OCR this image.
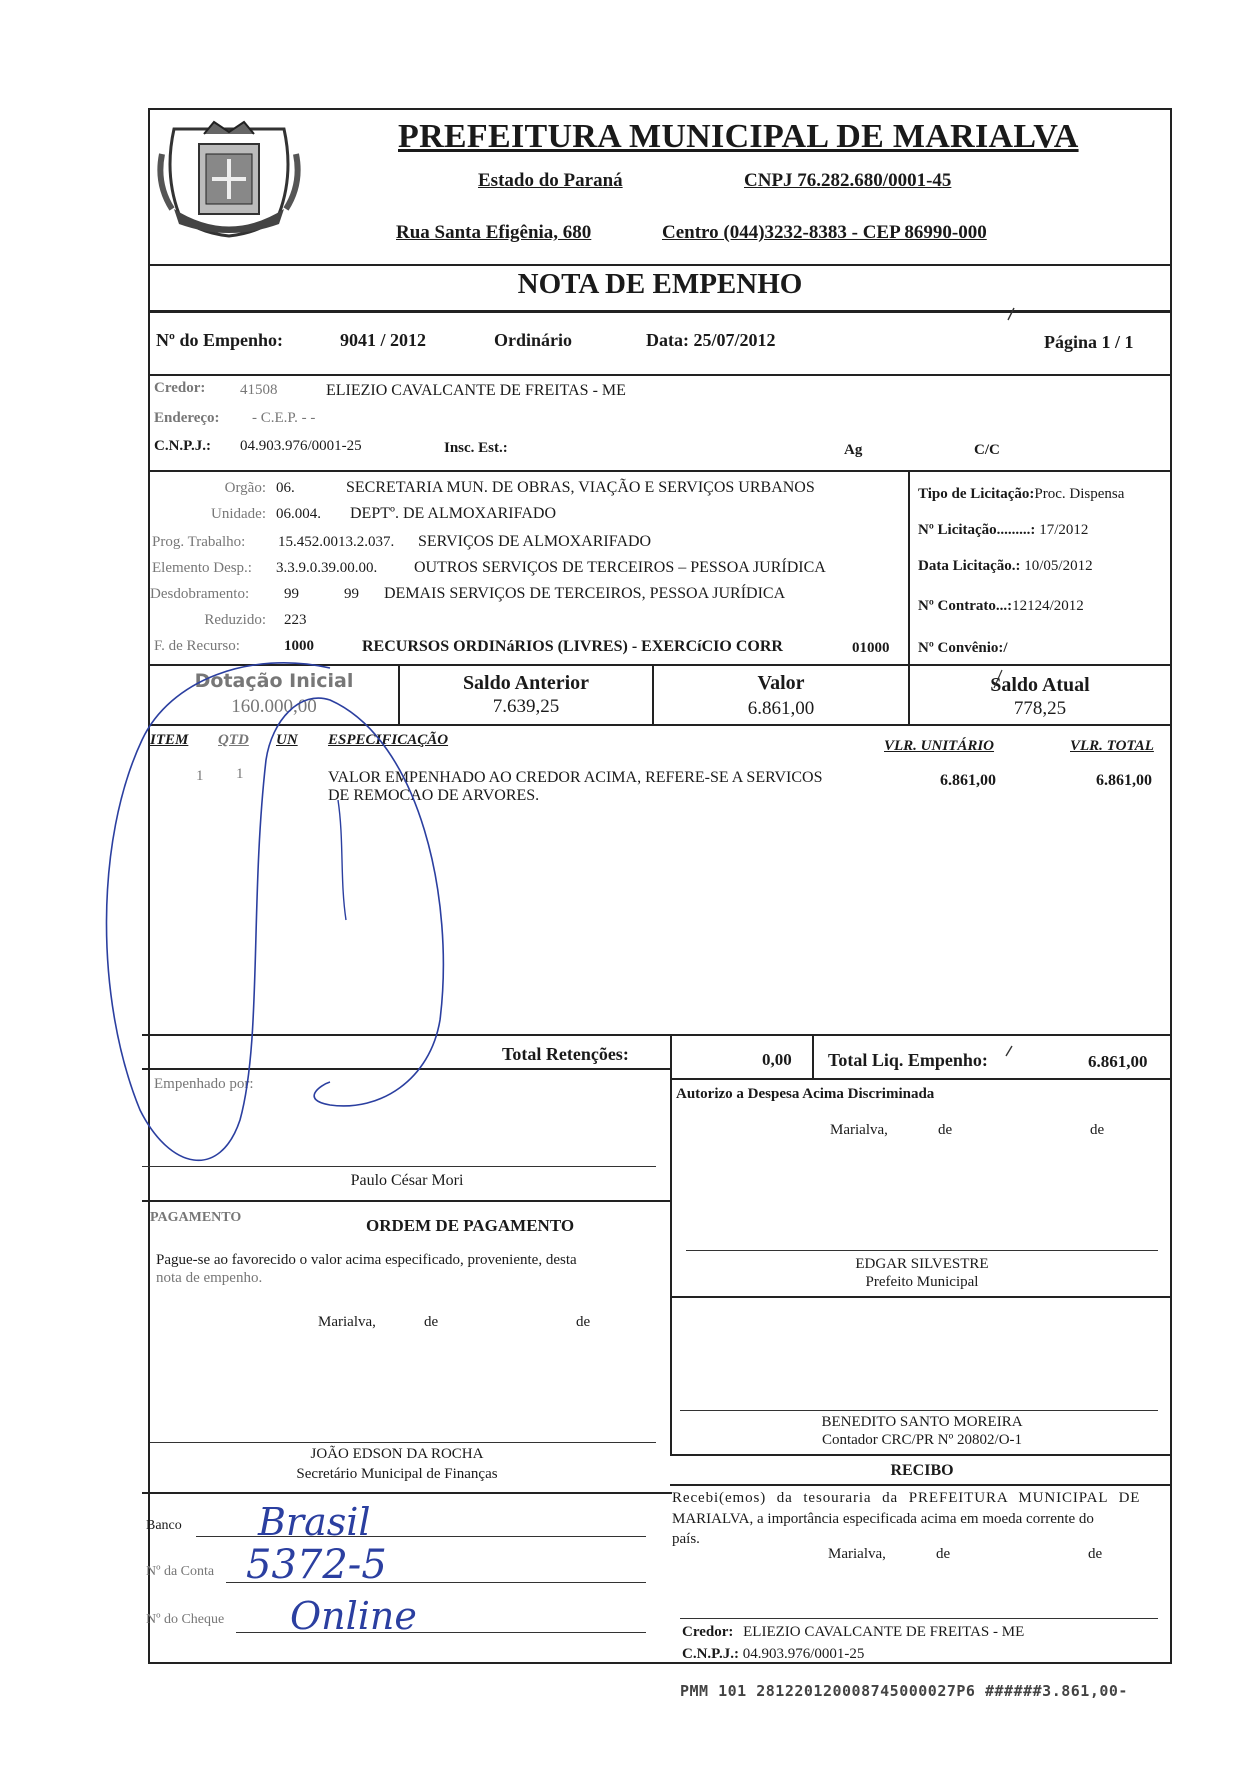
PREFEITURA MUNICIPAL DE MARIALVA
Estado do Paraná	CNPJ 76.282.680/0001-45
Rua Santa Efigênia, 680	Centro (044)3232-8383 - CEP 86990-000
NOTA DE EMPENHO
Nº do Empenho:	9041 / 2012	Ordinário	Data: 25/07/2012	Página 1 / 1
Credor: 41508	ELIEZIO CAVALCANTE DE FREITAS - ME
Endereço: - C.E.P. - -
C.N.P.J.: 04.903.976/0001-25	Insc. Est.:	Ag	C/C
Orgão: 06.	SECRETARIA MUN. DE OBRAS, VIAÇÃO E SERVIÇOS URBANOS
Unidade: 06.004. DEPTº. DE ALMOXARIFADO
Prog. Trabalho: 15.452.0013.2.037. SERVIÇOS DE ALMOXARIFADO
Elemento Desp.: 3.3.9.0.39.00.00. OUTROS SERVIÇOS DE TERCEIROS – PESSOA JURÍDICA
Desdobramento: 99	99 DEMAIS SERVIÇOS DE TERCEIROS, PESSOA JURÍDICA
Reduzido: 223
F. de Recurso:	1000	RECURSOS ORDINáRIOS (LIVRES) - EXERCíCIO CORR	01000
Tipo de Licitação:Proc. Dispensa
Nº Licitação.........: 17/2012
Data Licitação.: 10/05/2012
Nº Contrato...:12124/2012
Nº Convênio:/
Dotação Inicial
160.000,00
Saldo Anterior
7.639,25
Valor
6.861,00
Saldo Atual
778,25
ITEM QTD UN ESPECIFICAÇÃO	VLR. UNITÁRIO	VLR. TOTAL
1 1	VALOR EMPENHADO AO CREDOR ACIMA, REFERE-SE A SERVICOS
DE REMOCAO DE ARVORES.
6.861,00	6.861,00
Total Retenções:	0,00 Total Liq. Empenho:	6.861,00
Empenhado por:
Paulo César Mori
PAGAMENTO	ORDEM DE PAGAMENTO
Pague-se ao favorecido o valor acima especificado, proveniente, desta
nota de empenho.
Marialva,	de	de
JOÃO EDSON DA ROCHA
Secretário Municipal de Finanças
Banco Brasil
Nº da Conta 5372-5
Nº do Cheque Online
Autorizo a Despesa Acima Discriminada
Marialva,	de	de
EDGAR SILVESTRE
Prefeito Municipal
BENEDITO SANTO MOREIRA
Contador CRC/PR Nº 20802/O-1
RECIBO
Recebi(emos) da tesouraria da PREFEITURA MUNICIPAL DE
MARIALVA, a importância especificada acima em moeda corrente do
país.
Marialva,	de	de
Credor: ELIEZIO CAVALCANTE DE FREITAS - ME
C.N.P.J.: 04.903.976/0001-25
PMM 101 281220120008745000027P6 ######3.861,00-
